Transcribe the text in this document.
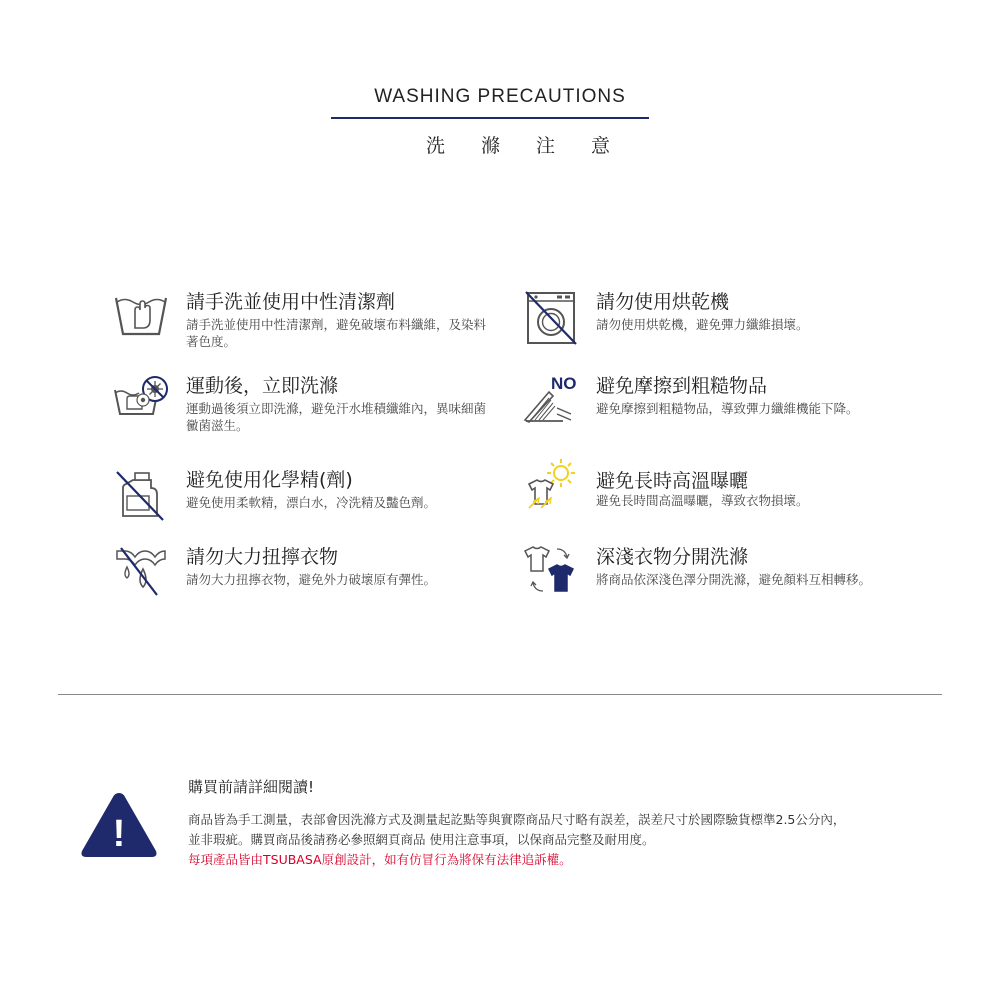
WASHING PRECAUTIONS
洗滌注意
請手洗並使用中性清潔劑
請手洗並使用中性清潔劑，避免破壞布料纖維，及染料著色度。
請勿使用烘乾機
請勿使用烘乾機，避免彈力纖維損壞。
運動後，立即洗滌
運動過後須立即洗滌，避免汗水堆積纖維內，異味細菌黴菌滋生。
NO 避免摩擦到粗糙物品
避免摩擦到粗糙物品，導致彈力纖維機能下降。
避免使用化學精(劑)
避免使用柔軟精，漂白水，冷洗精及豔色劑。
避免長時高溫曝曬
避免長時間高溫曝曬，導致衣物損壞。
請勿大力扭擰衣物
請勿大力扭擰衣物，避免外力破壞原有彈性。
深淺衣物分開洗滌
將商品依深淺色澤分開洗滌，避免顏料互相轉移。
!
購買前請詳細閱讀!
商品皆為手工測量，表部會因洗滌方式及測量起訖點等與實際商品尺寸略有誤差，誤差尺寸於國際驗貨標準2.5公分內，
並非瑕疵。購買商品後請務必參照網頁商品 使用注意事項，以保商品完整及耐用度。
每項產品皆由TSUBASA原創設計，如有仿冒行為將保有法律追訴權。
